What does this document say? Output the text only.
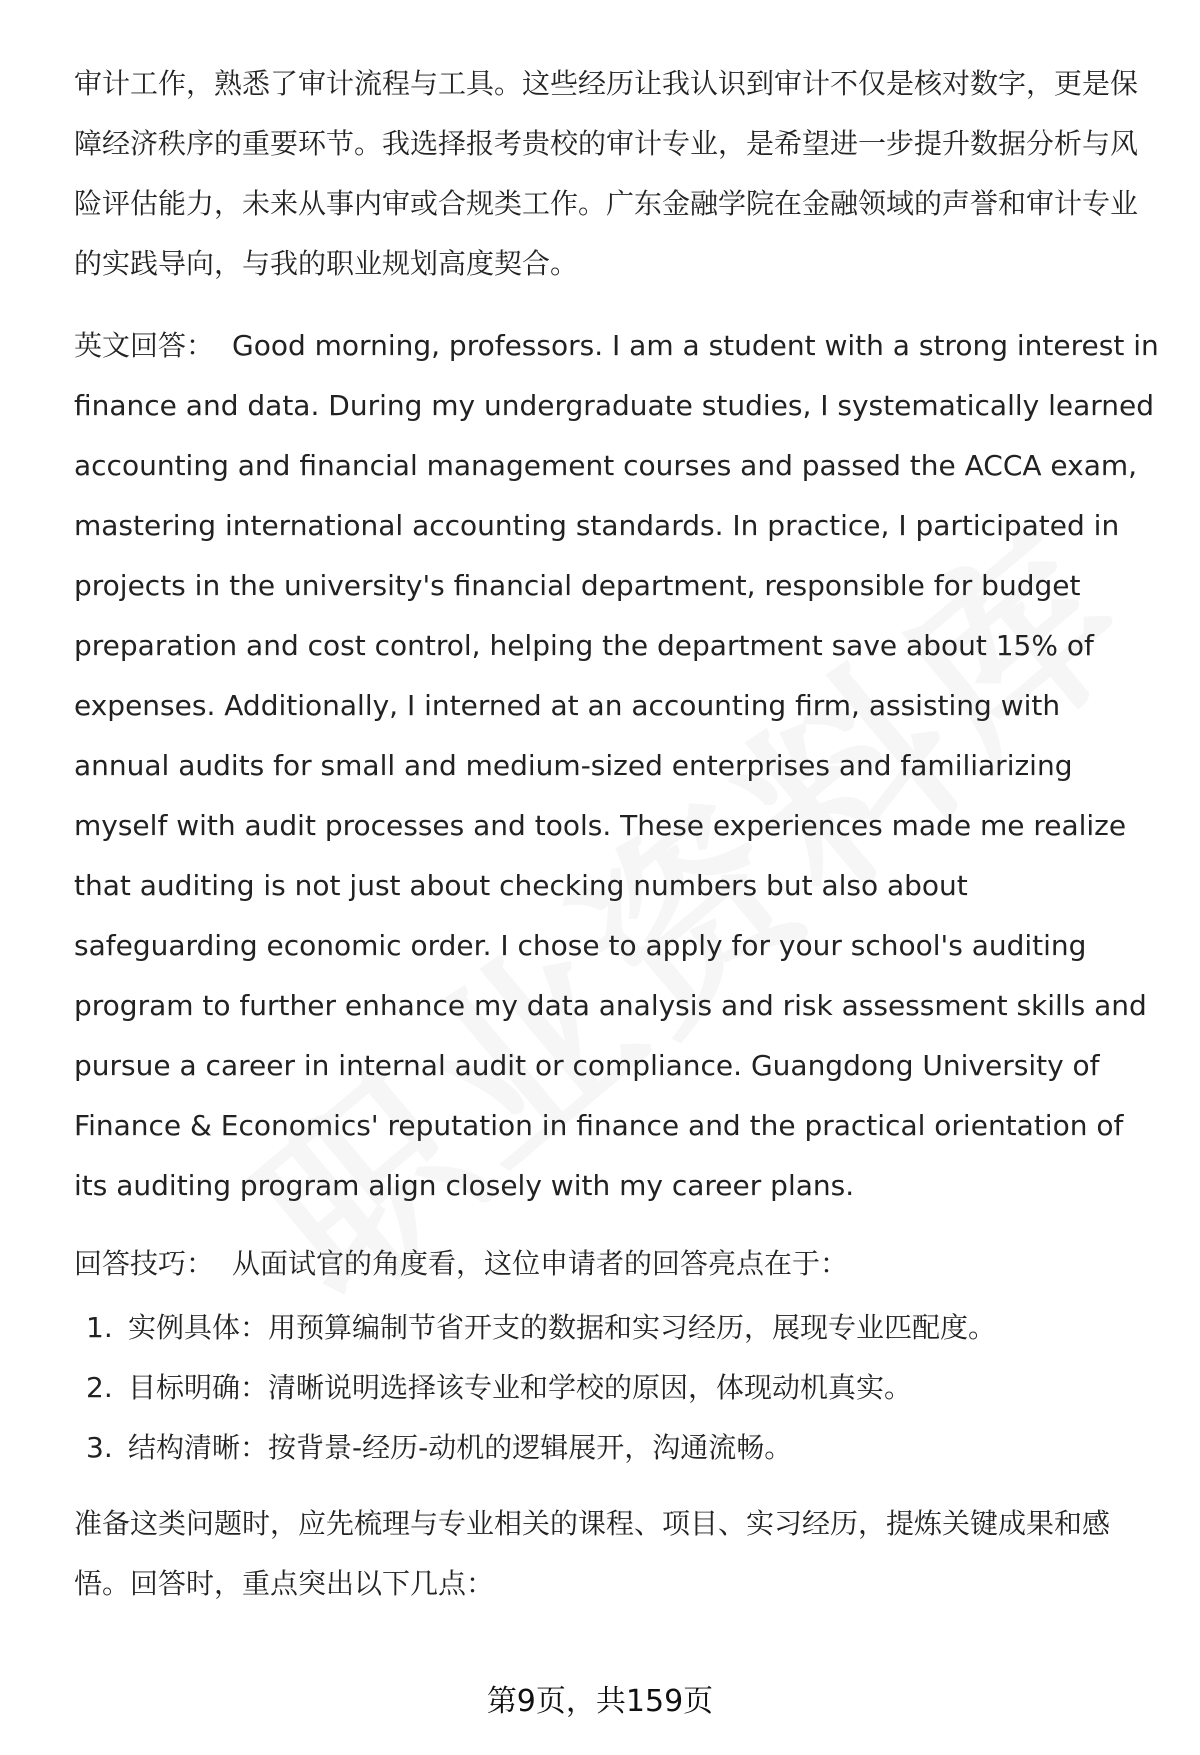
审计工作，熟悉了审计流程与工具。这些经历让我认识到审计不仅是核对数字，更是保障经济秩序的重要环节。我选择报考贵校的审计专业，是希望进一步提升数据分析与风险评估能力，未来从事内审或合规类工作。广东金融学院在金融领域的声誉和审计专业的实践导向，与我的职业规划高度契合。

英文回答： Good morning, professors. I am a student with a strong interest in finance and data. During my undergraduate studies, I systematically learned accounting and financial management courses and passed the ACCA exam, mastering international accounting standards. In practice, I participated in projects in the university's financial department, responsible for budget preparation and cost control, helping the department save about 15% of expenses. Additionally, I interned at an accounting firm, assisting with annual audits for small and medium-sized enterprises and familiarizing myself with audit processes and tools. These experiences made me realize that auditing is not just about checking numbers but also about safeguarding economic order. I chose to apply for your school's auditing program to further enhance my data analysis and risk assessment skills and pursue a career in internal audit or compliance. Guangdong University of Finance & Economics' reputation in finance and the practical orientation of its auditing program align closely with my career plans.

回答技巧： 从面试官的角度看，这位申请者的回答亮点在于：

1. 实例具体：用预算编制节省开支的数据和实习经历，展现专业匹配度。
2. 目标明确：清晰说明选择该专业和学校的原因，体现动机真实。
3. 结构清晰：按背景-经历-动机的逻辑展开，沟通流畅。

准备这类问题时，应先梳理与专业相关的课程、项目、实习经历，提炼关键成果和感悟。回答时，重点突出以下几点：

第9页，共159页
